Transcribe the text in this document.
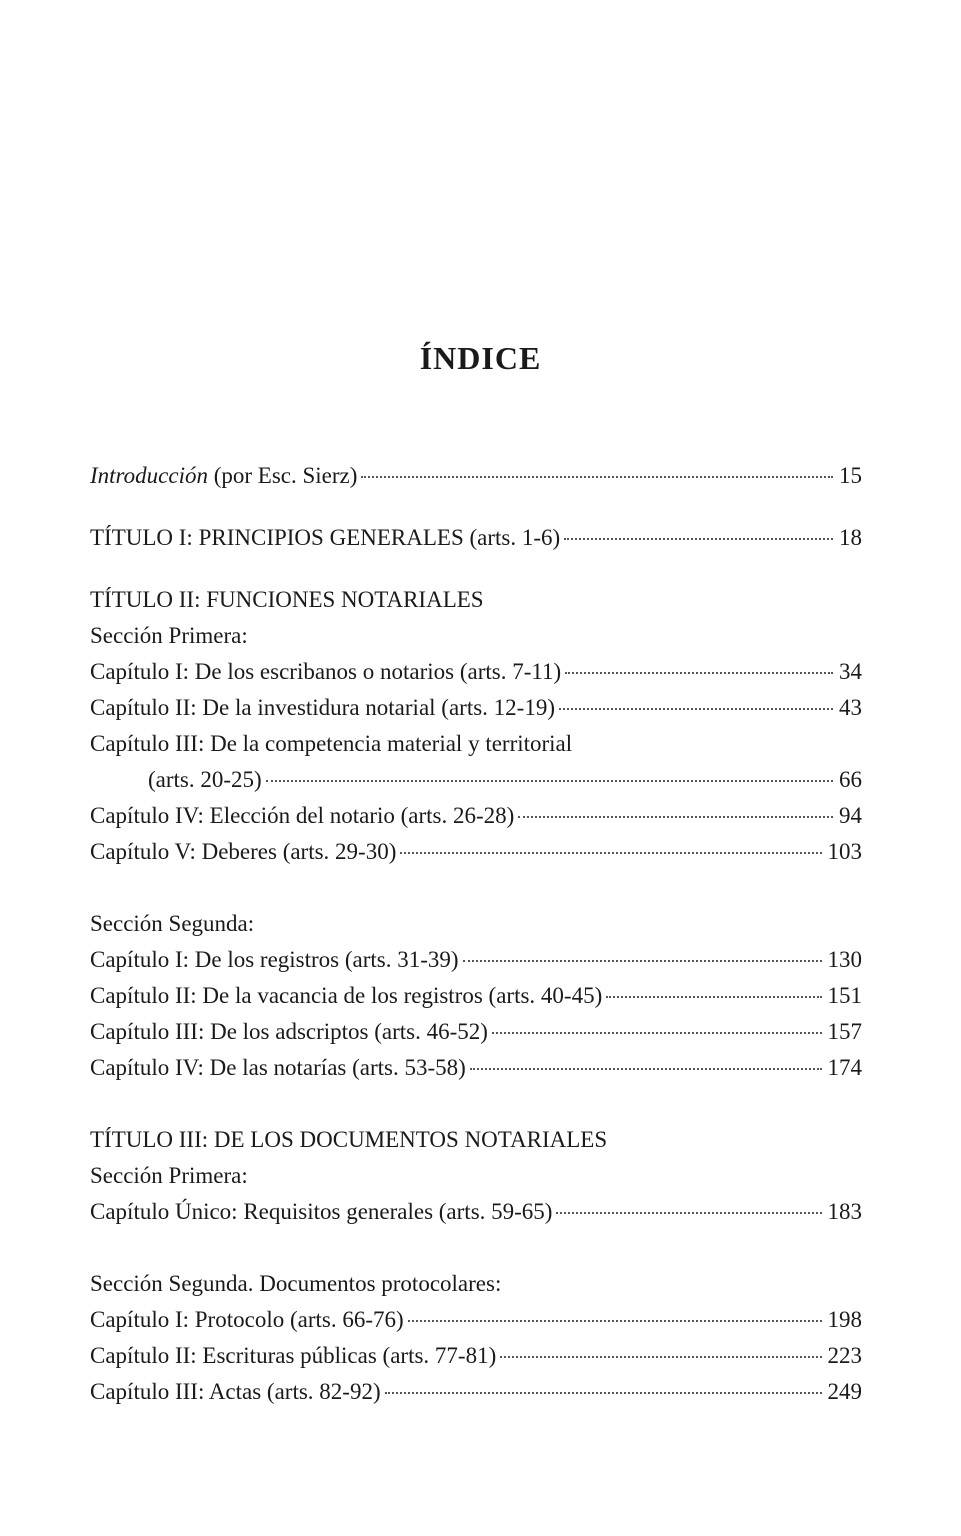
ÍNDICE
Introducción (por Esc. Sierz)	15
TÍTULO I: PRINCIPIOS GENERALES (arts. 1-6)	18
TÍTULO II: FUNCIONES NOTARIALES
Sección Primera:
Capítulo I: De los escribanos o notarios (arts. 7-11)	34
Capítulo II: De la investidura notarial (arts. 12-19)	43
Capítulo III: De la competencia material y territorial
(arts. 20-25)	66
Capítulo IV: Elección del notario (arts. 26-28)	94
Capítulo V: Deberes (arts. 29-30)	103
Sección Segunda:
Capítulo I: De los registros (arts. 31-39)	130
Capítulo II: De la vacancia de los registros (arts. 40-45)	151
Capítulo III: De los adscriptos (arts. 46-52)	157
Capítulo IV: De las notarías (arts. 53-58)	174
TÍTULO III: DE LOS DOCUMENTOS NOTARIALES
Sección Primera:
Capítulo Único: Requisitos generales (arts. 59-65)	183
Sección Segunda. Documentos protocolares:
Capítulo I: Protocolo (arts. 66-76)	198
Capítulo II: Escrituras públicas (arts. 77-81)	223
Capítulo III: Actas (arts. 82-92)	249
